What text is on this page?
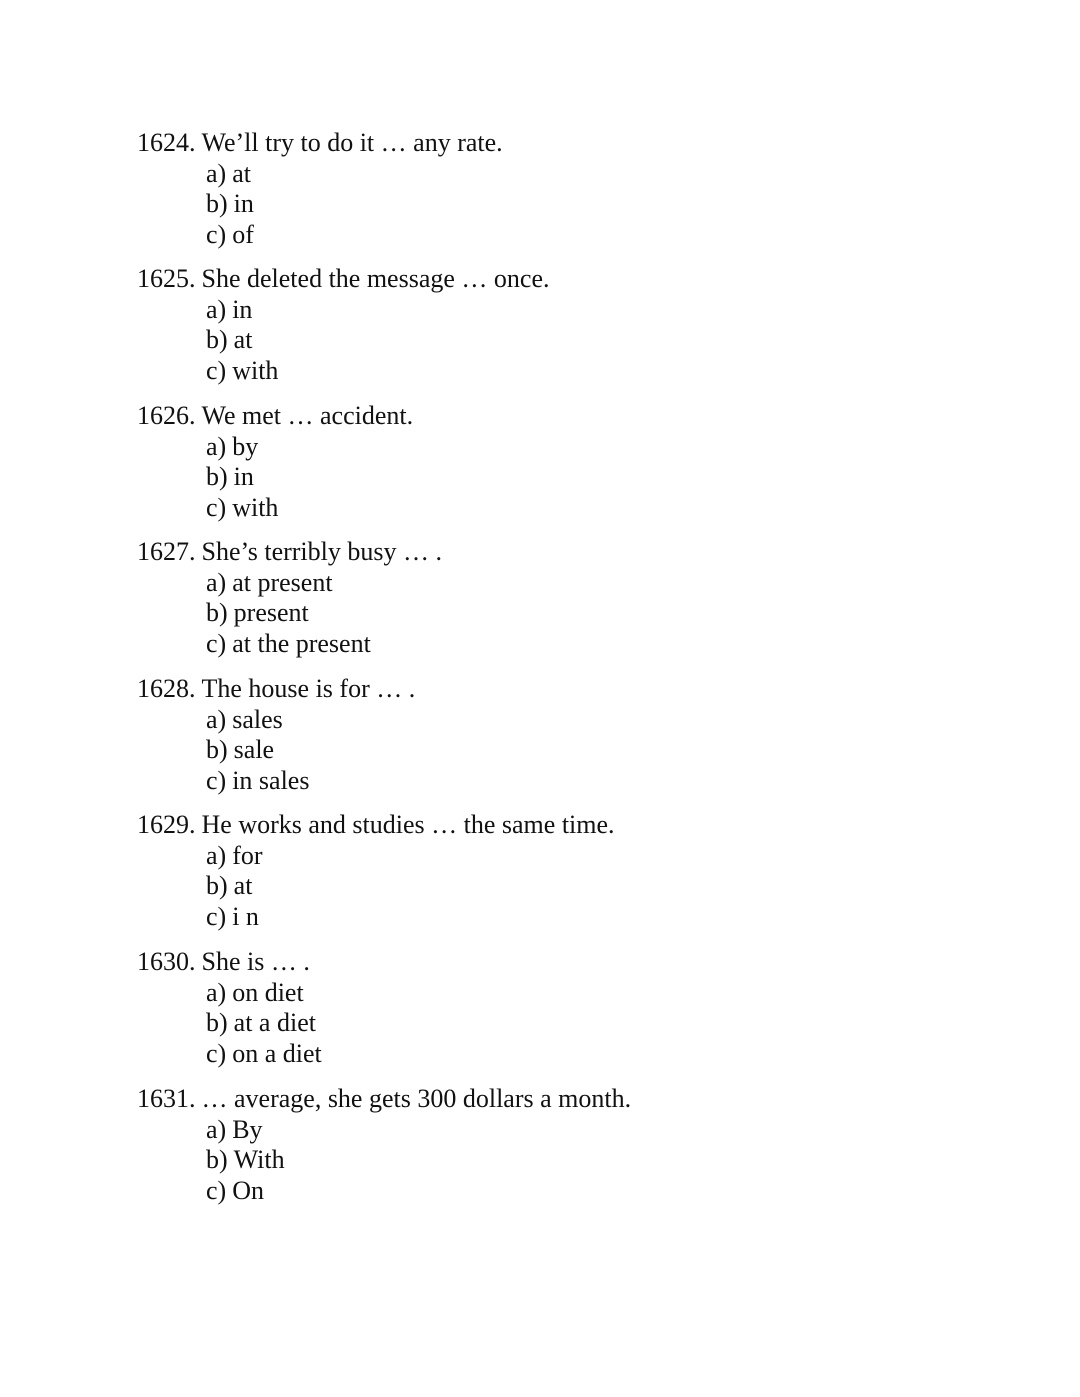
1624. We’ll try to do it … any rate.
a) at
b) in
c) of
1625. She deleted the message … once.
a) in
b) at
c) with
1626. We met … accident.
a) by
b) in
c) with
1627. She’s terribly busy … .
a) at present
b) present
c) at the present
1628. The house is for … .
a) sales
b) sale
c) in sales
1629. He works and studies … the same time.
a) for
b) at
c) i n
1630. She is … .
a) on diet
b) at a diet
c) on a diet
1631. … average, she gets 300 dollars a month.
a) By
b) With
c) On
